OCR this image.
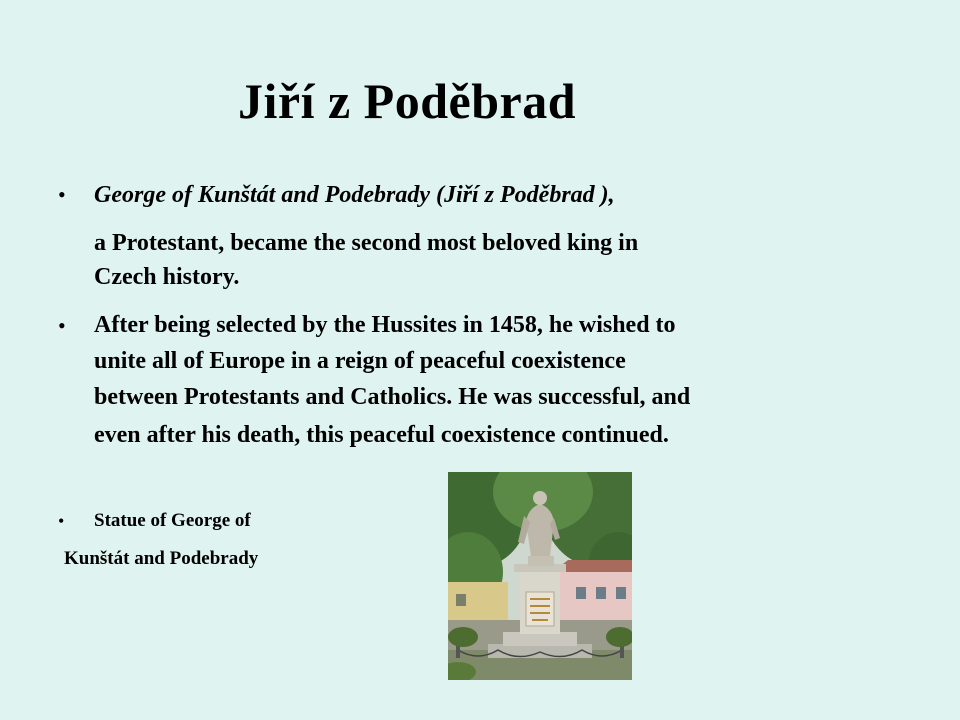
Jiří z Poděbrad
• George of Kunštát and Podebrady (Jiří z Poděbrad ),
a Protestant, became the second most beloved king in
Czech history.
• After being selected by the Hussites in 1458, he wished to
unite all of Europe in a reign of peaceful coexistence
between Protestants and Catholics. He was successful, and
even after his death, this peaceful coexistence continued.
• Statue of George of
Kunštát and Podebrady
